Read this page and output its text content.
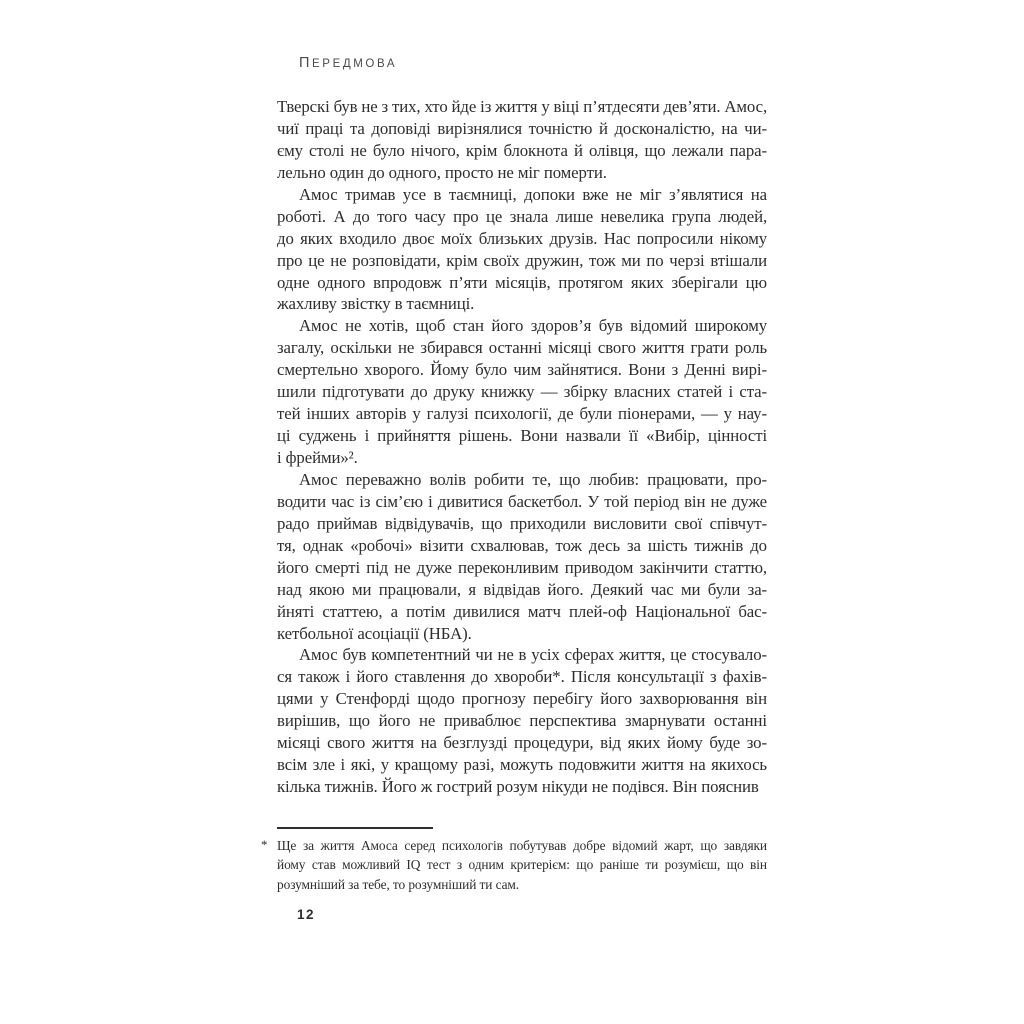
ПЕРЕДМОВА
Тверскі був не з тих, хто йде із життя у віці п’ятдесяти дев’яти. Амос,
чиї праці та доповіді вирізнялися точністю й досконалістю, на чи-
єму столі не було нічого, крім блокнота й олівця, що лежали пара-
лельно один до одного, просто не міг померти.
Амос тримав усе в таємниці, допоки вже не міг з’являтися на
роботі. А до того часу про це знала лише невелика група людей,
до яких входило двоє моїх близьких друзів. Нас попросили нікому
про це не розповідати, крім своїх дружин, тож ми по черзі втішали
одне одного впродовж п’яти місяців, протягом яких зберігали цю
жахливу звістку в таємниці.
Амос не хотів, щоб стан його здоров’я був відомий широкому
загалу, оскільки не збирався останні місяці свого життя грати роль
смертельно хворого. Йому було чим зайнятися. Вони з Денні вирі-
шили підготувати до друку книжку — збірку власних статей і ста-
тей інших авторів у галузі психології, де були піонерами, — у нау-
ці суджень і прийняття рішень. Вони назвали її «Вибір, цінності
і фрейми»².
Амос переважно волів робити те, що любив: працювати, про-
водити час із сім’єю і дивитися баскетбол. У той період він не дуже
радо приймав відвідувачів, що приходили висловити свої співчут-
тя, однак «робочі» візити схвалював, тож десь за шість тижнів до
його смерті під не дуже переконливим приводом закінчити статтю,
над якою ми працювали, я відвідав його. Деякий час ми були за-
йняті статтею, а потім дивилися матч плей-оф Національної бас-
кетбольної асоціації (НБА).
Амос був компетентний чи не в усіх сферах життя, це стосувало-
ся також і його ставлення до хвороби*. Після консультації з фахів-
цями у Стенфорді щодо прогнозу перебігу його захворювання він
вирішив, що його не приваблює перспектива змарнувати останні
місяці свого життя на безглузді процедури, від яких йому буде зо-
всім зле і які, у кращому разі, можуть подовжити життя на якихось
кілька тижнів. Його ж гострий розум нікуди не подівся. Він пояснив
* Ще за життя Амоса серед психологів побутував добре відомий жарт, що завдяки
йому став можливий IQ тест з одним критерієм: що раніше ти розумієш, що він
розумніший за тебе, то розумніший ти сам.
12
